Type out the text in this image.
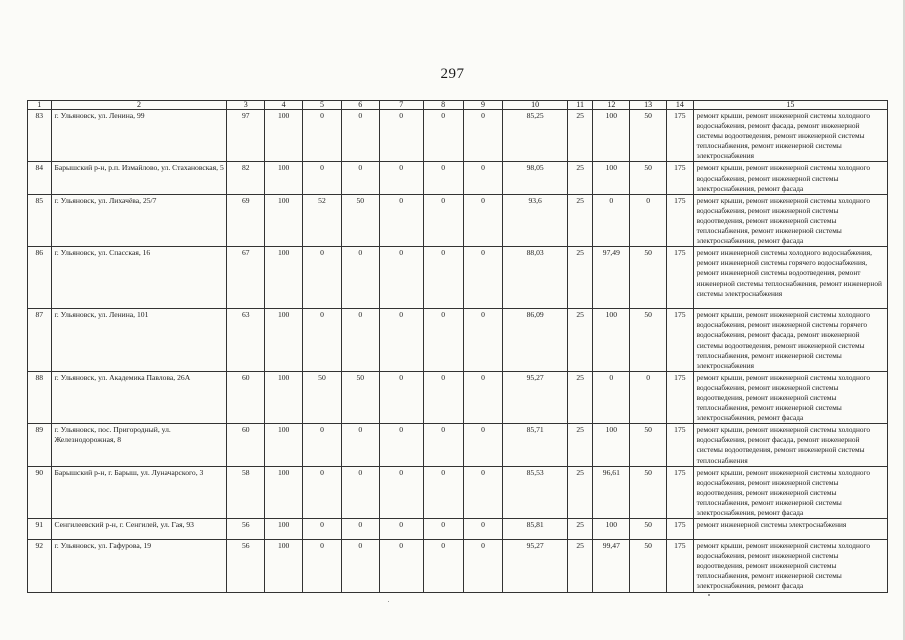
297
1	2	3	4	5	6	7	8	9	10	11	12	13	14	15
83	г. Ульяновск, ул. Ленина, 99	97	100	0	0	0	0	0	85,25	25	100	50	175	ремонт крыши, ремонт инженерной системы холодного водоснабжения, ремонт фасада, ремонт инженерной системы водоотведения, ремонт инженерной системы теплоснабжения, ремонт инженерной системы электроснабжения
84	Барышский р-н, р.п. Измайлово, ул. Стахановская, 5	82	100	0	0	0	0	0	98,05	25	100	50	175	ремонт крыши, ремонт инженерной системы холодного водоснабжения, ремонт инженерной системы электроснабжения, ремонт фасада
85	г. Ульяновск, ул. Лихачёва, 25/7	69	100	52	50	0	0	0	93,6	25	0	0	175	ремонт крыши, ремонт инженерной системы холодного водоснабжения, ремонт инженерной системы водоотведения, ремонт инженерной системы теплоснабжения, ремонт инженерной системы электроснабжения, ремонт фасада
86	г. Ульяновск, ул. Спасская, 16	67	100	0	0	0	0	0	88,03	25	97,49	50	175	ремонт инженерной системы холодного водоснабжения, ремонт инженерной системы горячего водоснабжения, ремонт инженерной системы водоотведения, ремонт инженерной системы теплоснабжения, ремонт инженерной системы электроснабжения
87	г. Ульяновск, ул. Ленина, 101	63	100	0	0	0	0	0	86,09	25	100	50	175	ремонт крыши, ремонт инженерной системы холодного водоснабжения, ремонт инженерной системы горячего водоснабжения, ремонт фасада, ремонт инженерной системы водоотведения, ремонт инженерной системы теплоснабжения, ремонт инженерной системы электроснабжения
88	г. Ульяновск, ул. Академика Павлова, 26А	60	100	50	50	0	0	0	95,27	25	0	0	175	ремонт крыши, ремонт инженерной системы холодного водоснабжения, ремонт инженерной системы водоотведения, ремонт инженерной системы теплоснабжения, ремонт инженерной системы электроснабжения, ремонт фасада
89	г. Ульяновск, пос. Пригородный, ул. Железнодорожная, 8	60	100	0	0	0	0	0	85,71	25	100	50	175	ремонт крыши, ремонт инженерной системы холодного водоснабжения, ремонт фасада, ремонт инженерной системы водоотведения, ремонт инженерной системы теплоснабжения
90	Барышский р-н, г. Барыш, ул. Луначарского, 3	58	100	0	0	0	0	0	85,53	25	96,61	50	175	ремонт крыши, ремонт инженерной системы холодного водоснабжения, ремонт инженерной системы водоотведения, ремонт инженерной системы теплоснабжения, ремонт инженерной системы электроснабжения, ремонт фасада
91	Сенгилеевский р-н, г. Сенгилей, ул. Гая, 93	56	100	0	0	0	0	0	85,81	25	100	50	175	ремонт инженерной системы электроснабжения
92	г. Ульяновск, ул. Гафурова, 19	56	100	0	0	0	0	0	95,27	25	99,47	50	175	ремонт крыши, ремонт инженерной системы холодного водоснабжения, ремонт инженерной системы водоотведения, ремонт инженерной системы теплоснабжения, ремонт инженерной системы электроснабжения, ремонт фасада
